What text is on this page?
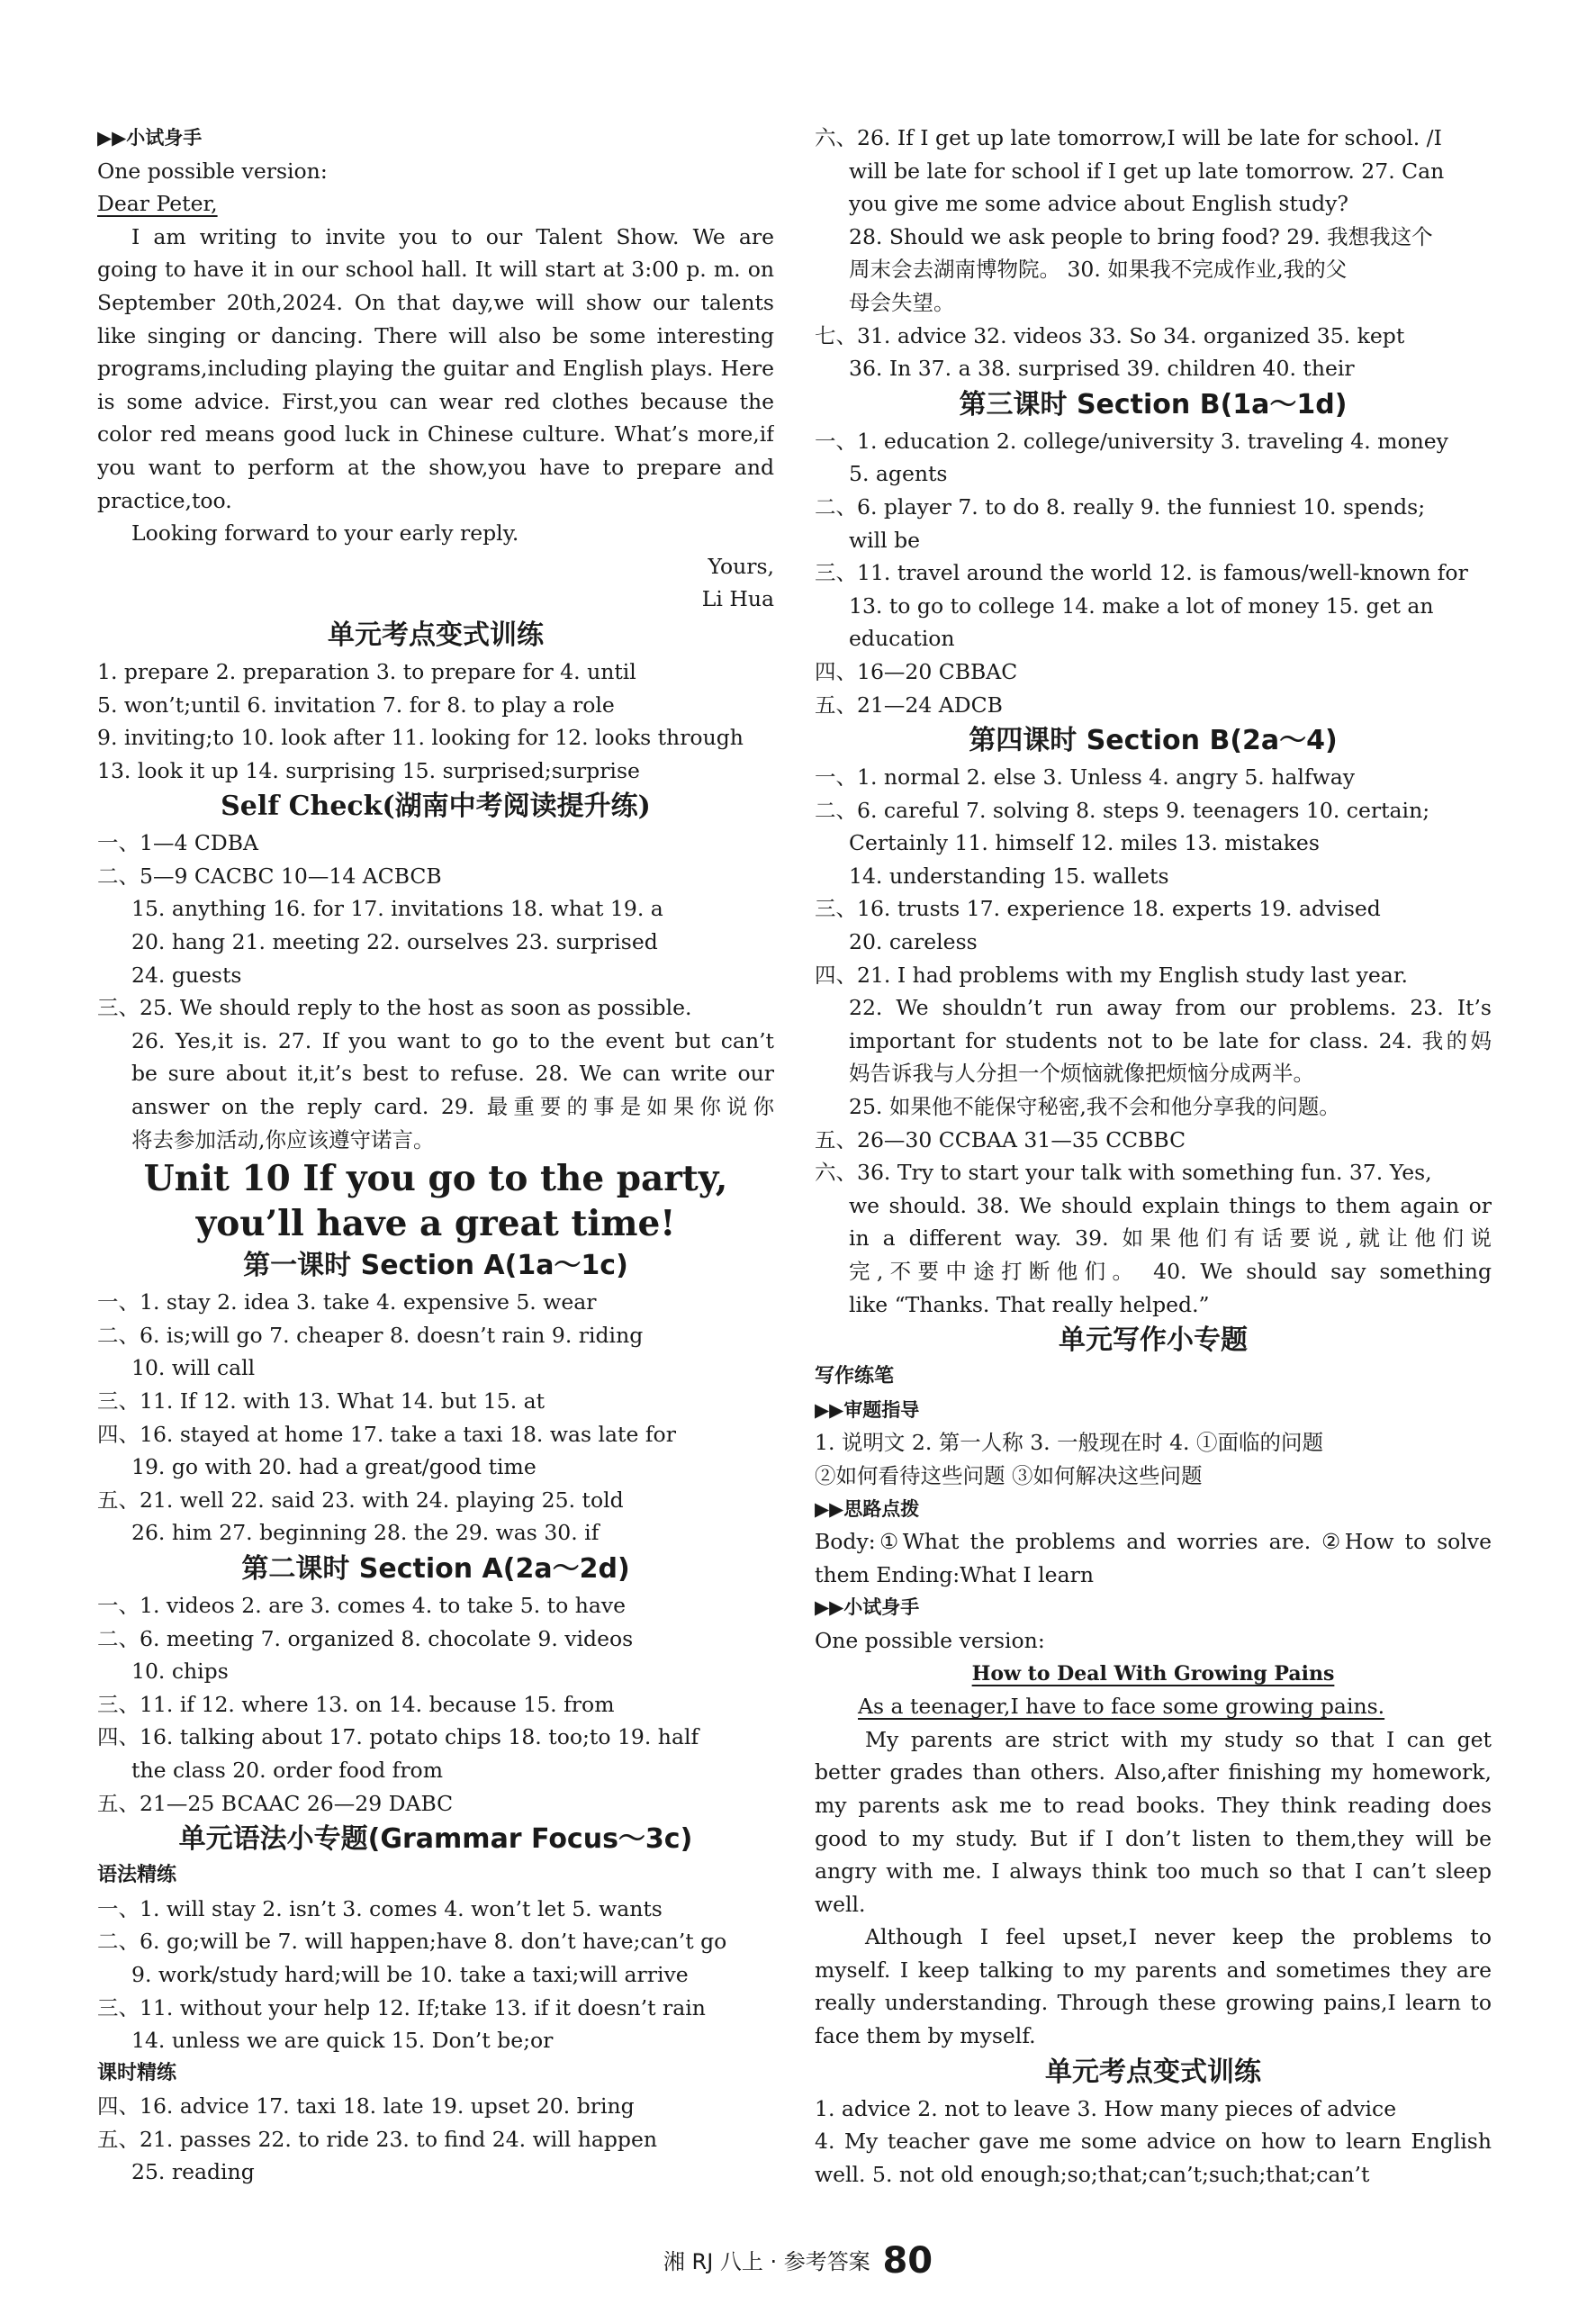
▶▶小试身手
One possible version:
Dear Peter,
I am writing to invite you to our Talent Show. We are
going to have it in our school hall. It will start at 3:00 p. m. on
September 20th,2024. On that day,we will show our talents
like singing or dancing. There will also be some interesting
programs,including playing the guitar and English plays. Here
is some advice. First,you can wear red clothes because the
color red means good luck in Chinese culture. What’s more,if
you want to perform at the show,you have to prepare and
practice,too.
Looking forward to your early reply.
Yours,
Li Hua
单元考点变式训练
1. prepare 2. preparation 3. to prepare for 4. until
5. won’t;until 6. invitation 7. for 8. to play a role
9. inviting;to 10. look after 11. looking for 12. looks through
13. look it up 14. surprising 15. surprised;surprise
Self Check(湖南中考阅读提升练)
一、1—4 CDBA
二、5—9 CACBC 10—14 ACBCB
15. anything 16. for 17. invitations 18. what 19. a
20. hang 21. meeting 22. ourselves 23. surprised
24. guests
三、25. We should reply to the host as soon as possible.
26. Yes,it is. 27. If you want to go to the event but can’t
be sure about it,it’s best to refuse. 28. We can write our
answer on the reply card. 29. 最重要的事是如果你说你
将去参加活动,你应该遵守诺言。
Unit 10 If you go to the party,
you’ll have a great time!
第一课时 Section A(1a～1c)
一、1. stay 2. idea 3. take 4. expensive 5. wear
二、6. is;will go 7. cheaper 8. doesn’t rain 9. riding
10. will call
三、11. If 12. with 13. What 14. but 15. at
四、16. stayed at home 17. take a taxi 18. was late for
19. go with 20. had a great/good time
五、21. well 22. said 23. with 24. playing 25. told
26. him 27. beginning 28. the 29. was 30. if
第二课时 Section A(2a～2d)
一、1. videos 2. are 3. comes 4. to take 5. to have
二、6. meeting 7. organized 8. chocolate 9. videos
10. chips
三、11. if 12. where 13. on 14. because 15. from
四、16. talking about 17. potato chips 18. too;to 19. half
the class 20. order food from
五、21—25 BCAAC 26—29 DABC
单元语法小专题(Grammar Focus～3c)
语法精练
一、1. will stay 2. isn’t 3. comes 4. won’t let 5. wants
二、6. go;will be 7. will happen;have 8. don’t have;can’t go
9. work/study hard;will be 10. take a taxi;will arrive
三、11. without your help 12. If;take 13. if it doesn’t rain
14. unless we are quick 15. Don’t be;or
课时精练
四、16. advice 17. taxi 18. late 19. upset 20. bring
五、21. passes 22. to ride 23. to find 24. will happen
25. reading
六、26. If I get up late tomorrow,I will be late for school. /I
will be late for school if I get up late tomorrow. 27. Can
you give me some advice about English study?
28. Should we ask people to bring food? 29. 我想我这个
周末会去湖南博物院。 30. 如果我不完成作业,我的父
母会失望。
七、31. advice 32. videos 33. So 34. organized 35. kept
36. In 37. a 38. surprised 39. children 40. their
第三课时 Section B(1a～1d)
一、1. education 2. college/university 3. traveling 4. money
5. agents
二、6. player 7. to do 8. really 9. the funniest 10. spends;
will be
三、11. travel around the world 12. is famous/well-known for
13. to go to college 14. make a lot of money 15. get an
education
四、16—20 CBBAC
五、21—24 ADCB
第四课时 Section B(2a～4)
一、1. normal 2. else 3. Unless 4. angry 5. halfway
二、6. careful 7. solving 8. steps 9. teenagers 10. certain;
Certainly 11. himself 12. miles 13. mistakes
14. understanding 15. wallets
三、16. trusts 17. experience 18. experts 19. advised
20. careless
四、21. I had problems with my English study last year.
22. We shouldn’t run away from our problems. 23. It’s
important for students not to be late for class. 24. 我的妈
妈告诉我与人分担一个烦恼就像把烦恼分成两半。
25. 如果他不能保守秘密,我不会和他分享我的问题。
五、26—30 CCBAA 31—35 CCBBC
六、36. Try to start your talk with something fun. 37. Yes,
we should. 38. We should explain things to them again or
in a different way. 39. 如果他们有话要说,就让他们说
完,不要中途打断他们。 40. We should say something
like “Thanks. That really helped.”
单元写作小专题
写作练笔
▶▶审题指导
1. 说明文 2. 第一人称 3. 一般现在时 4. ①面临的问题
②如何看待这些问题 ③如何解决这些问题
▶▶思路点拨
Body:①What the problems and worries are. ②How to solve
them Ending:What I learn
▶▶小试身手
One possible version:
How to Deal With Growing Pains
As a teenager,I have to face some growing pains.
My parents are strict with my study so that I can get
better grades than others. Also,after finishing my homework,
my parents ask me to read books. They think reading does
good to my study. But if I don’t listen to them,they will be
angry with me. I always think too much so that I can’t sleep
well.
Although I feel upset,I never keep the problems to
myself. I keep talking to my parents and sometimes they are
really understanding. Through these growing pains,I learn to
face them by myself.
单元考点变式训练
1. advice 2. not to leave 3. How many pieces of advice
4. My teacher gave me some advice on how to learn English
well. 5. not old enough;so;that;can’t;such;that;can’t
湘 RJ 八上 · 参考答案 80
